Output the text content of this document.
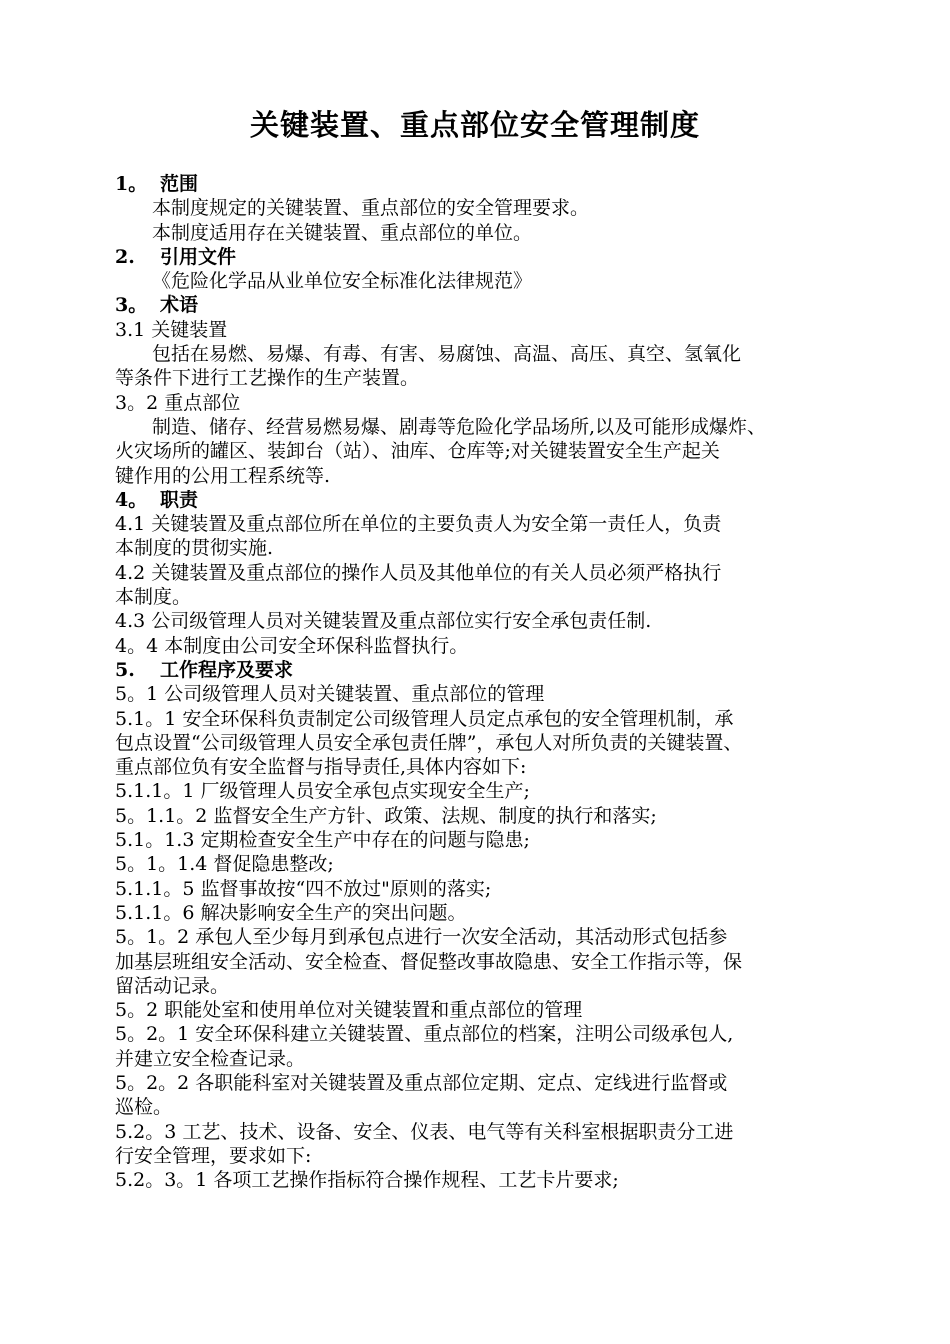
关键装置、重点部位安全管理制度
1。 范围
本制度规定的关键装置、重点部位的安全管理要求。
本制度适用存在关键装置、重点部位的单位。
2. 引用文件
《危险化学品从业单位安全标准化法律规范》
3。 术语
3.1 关键装置
包括在易燃、易爆、有毒、有害、易腐蚀、高温、高压、真空、氢氧化
等条件下进行工艺操作的生产装置。
3。2 重点部位
制造、储存、经营易燃易爆、剧毒等危险化学品场所,以及可能形成爆炸、
火灾场所的罐区、装卸台（站）、油库、仓库等;对关键装置安全生产起关
键作用的公用工程系统等.
4。 职责
4.1 关键装置及重点部位所在单位的主要负责人为安全第一责任人，负责
本制度的贯彻实施.
4.2 关键装置及重点部位的操作人员及其他单位的有关人员必须严格执行
本制度。
4.3 公司级管理人员对关键装置及重点部位实行安全承包责任制.
4。4 本制度由公司安全环保科监督执行。
5. 工作程序及要求
5。1 公司级管理人员对关键装置、重点部位的管理
5.1。1 安全环保科负责制定公司级管理人员定点承包的安全管理机制，承
包点设置“公司级管理人员安全承包责任牌”，承包人对所负责的关键装置、
重点部位负有安全监督与指导责任,具体内容如下:
5.1.1。1 厂级管理人员安全承包点实现安全生产;
5。1.1。2 监督安全生产方针、政策、法规、制度的执行和落实;
5.1。1.3 定期检查安全生产中存在的问题与隐患;
5。1。1.4 督促隐患整改;
5.1.1。5 监督事故按“四不放过"原则的落实;
5.1.1。6 解决影响安全生产的突出问题。
5。1。2 承包人至少每月到承包点进行一次安全活动，其活动形式包括参
加基层班组安全活动、安全检查、督促整改事故隐患、安全工作指示等，保
留活动记录。
5。2 职能处室和使用单位对关键装置和重点部位的管理
5。2。1 安全环保科建立关键装置、重点部位的档案，注明公司级承包人,
并建立安全检查记录。
5。2。2 各职能科室对关键装置及重点部位定期、定点、定线进行监督或
巡检。
5.2。3 工艺、技术、设备、安全、仪表、电气等有关科室根据职责分工进
行安全管理，要求如下:
5.2。3。1 各项工艺操作指标符合操作规程、工艺卡片要求;
